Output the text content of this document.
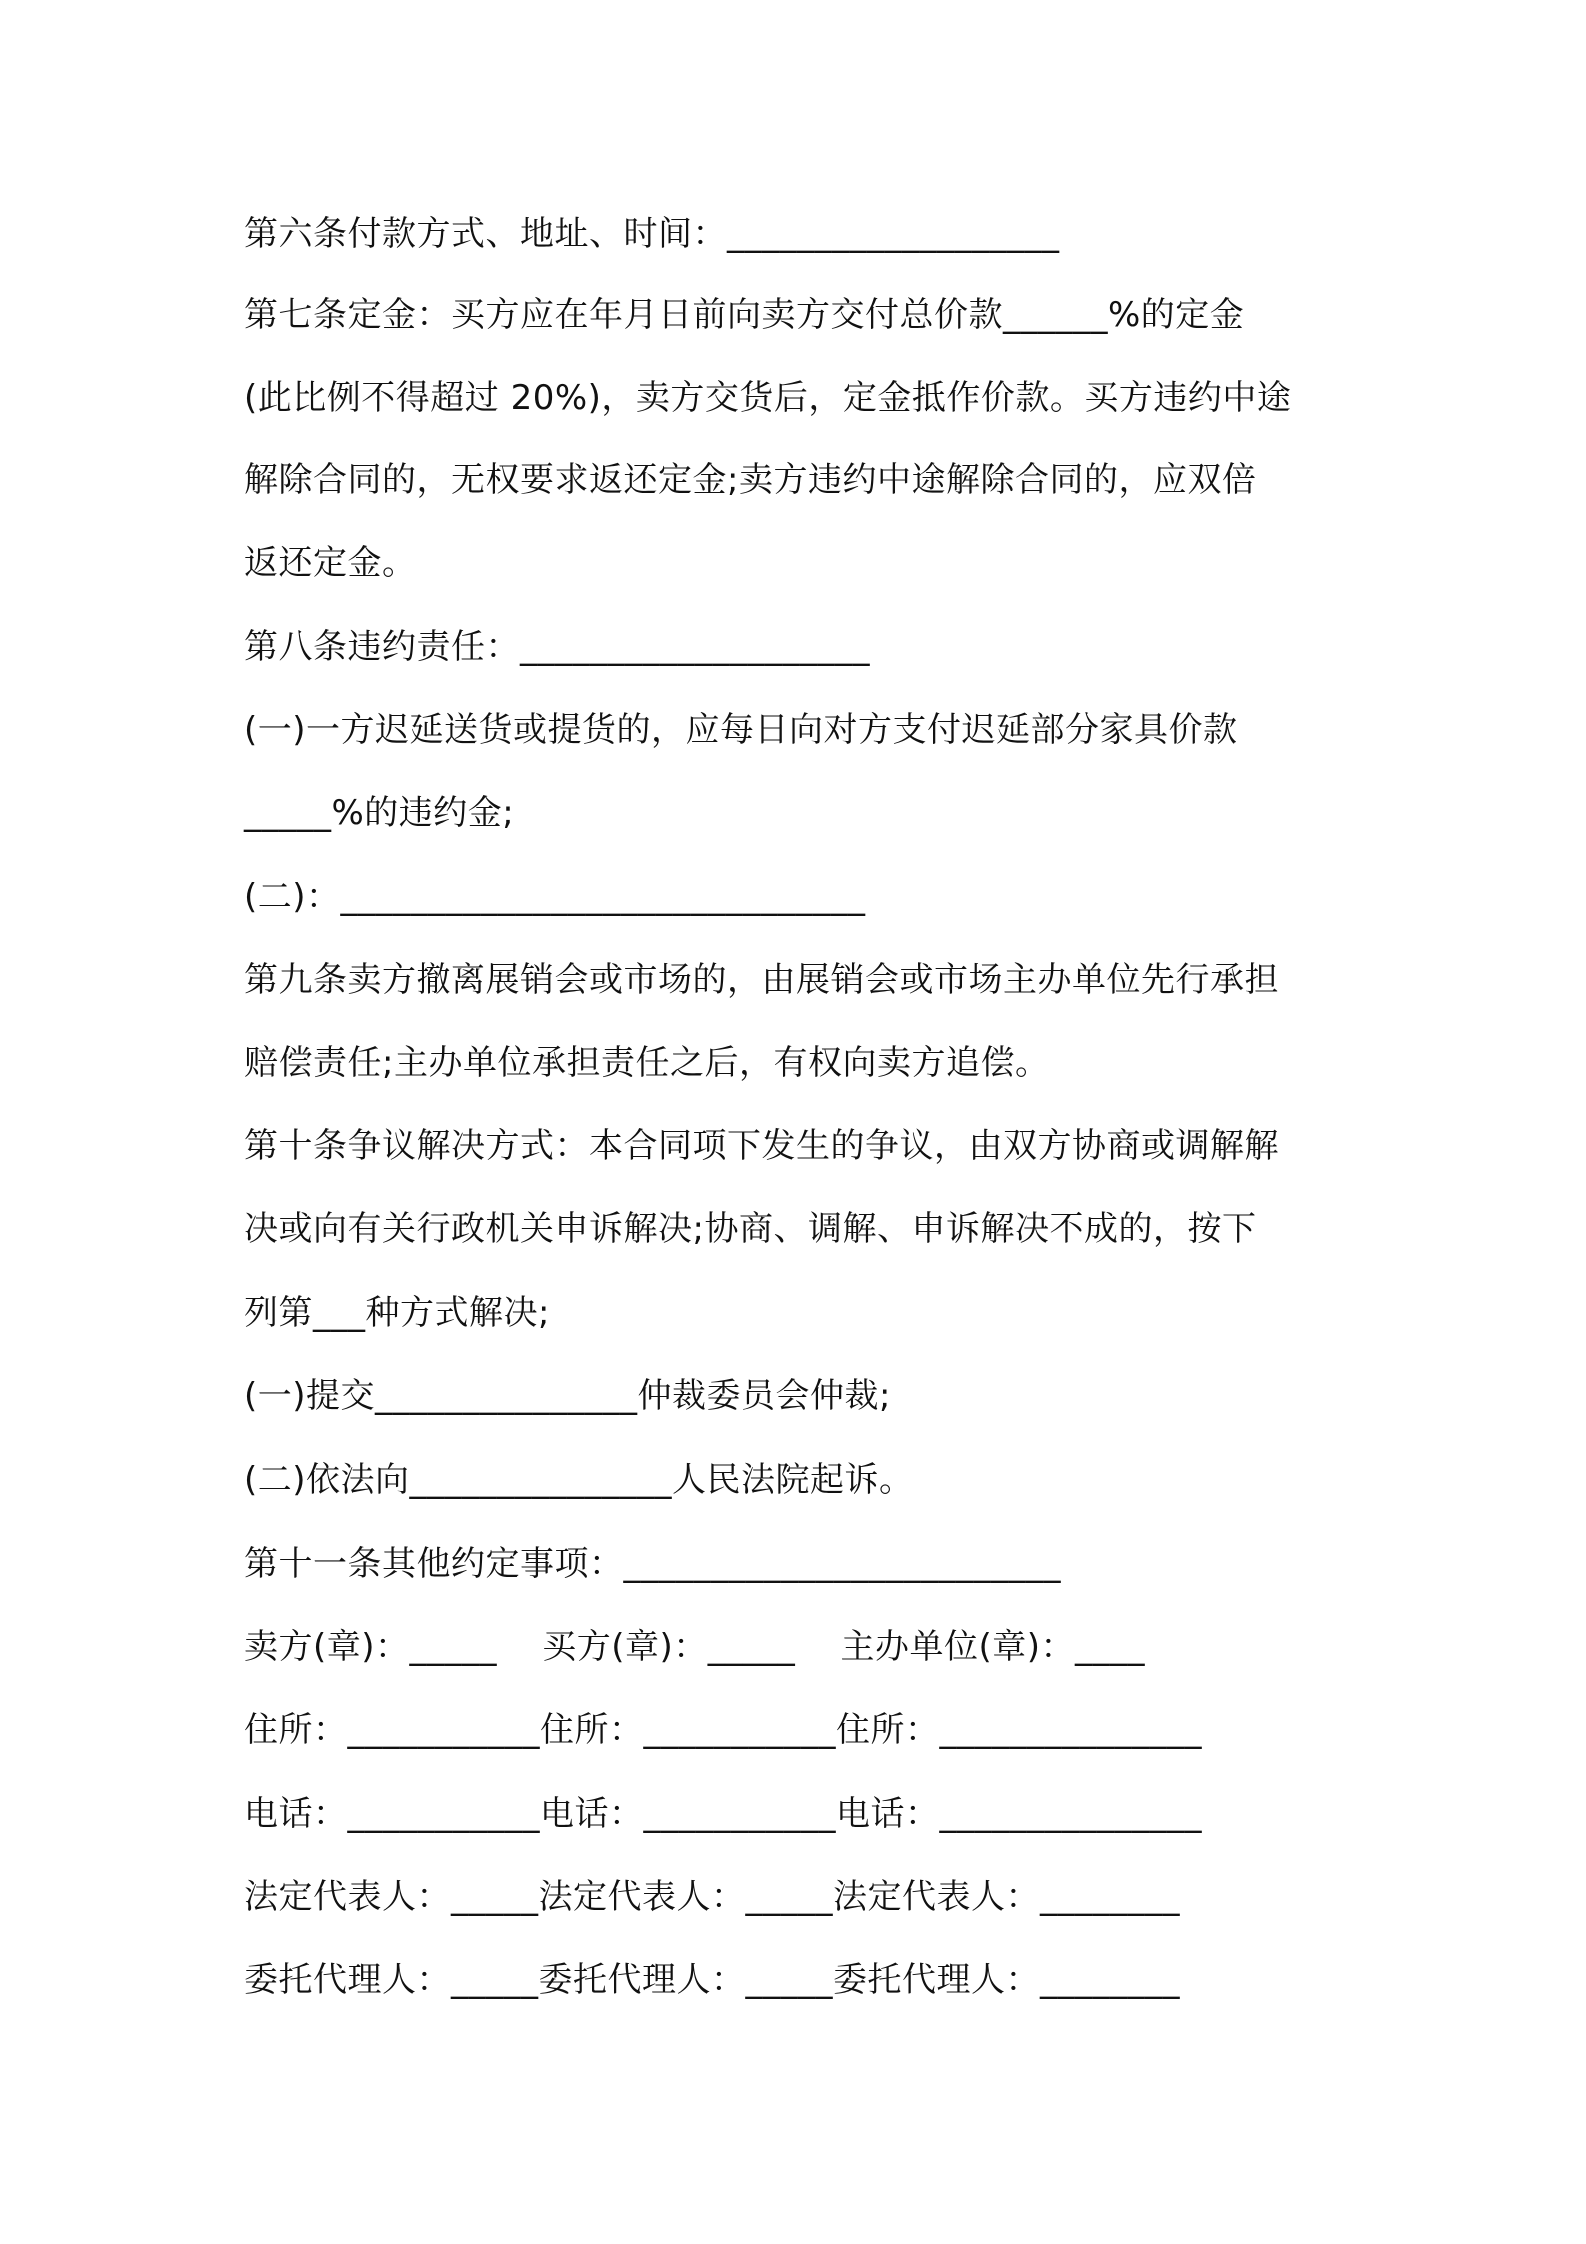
第六条付款方式、地址、时间：___________________
第七条定金：买方应在年月日前向卖方交付总价款______%的定金
(此比例不得超过 20%)，卖方交货后，定金抵作价款。买方违约中途
解除合同的，无权要求返还定金;卖方违约中途解除合同的，应双倍
返还定金。
第八条违约责任：____________________
(一)一方迟延送货或提货的，应每日向对方支付迟延部分家具价款
_____%的违约金;
(二)：______________________________
第九条卖方撤离展销会或市场的，由展销会或市场主办单位先行承担
赔偿责任;主办单位承担责任之后，有权向卖方追偿。
第十条争议解决方式：本合同项下发生的争议，由双方协商或调解解
决或向有关行政机关申诉解决;协商、调解、申诉解决不成的，按下
列第___种方式解决;
(一)提交_______________仲裁委员会仲裁;
(二)依法向_______________人民法院起诉。
第十一条其他约定事项：_________________________
卖方(章)：_____    买方(章)：_____    主办单位(章)：____
住所：___________住所：___________住所：_______________
电话：___________电话：___________电话：_______________
法定代表人：_____法定代表人：_____法定代表人：________
委托代理人：_____委托代理人：_____委托代理人：________
